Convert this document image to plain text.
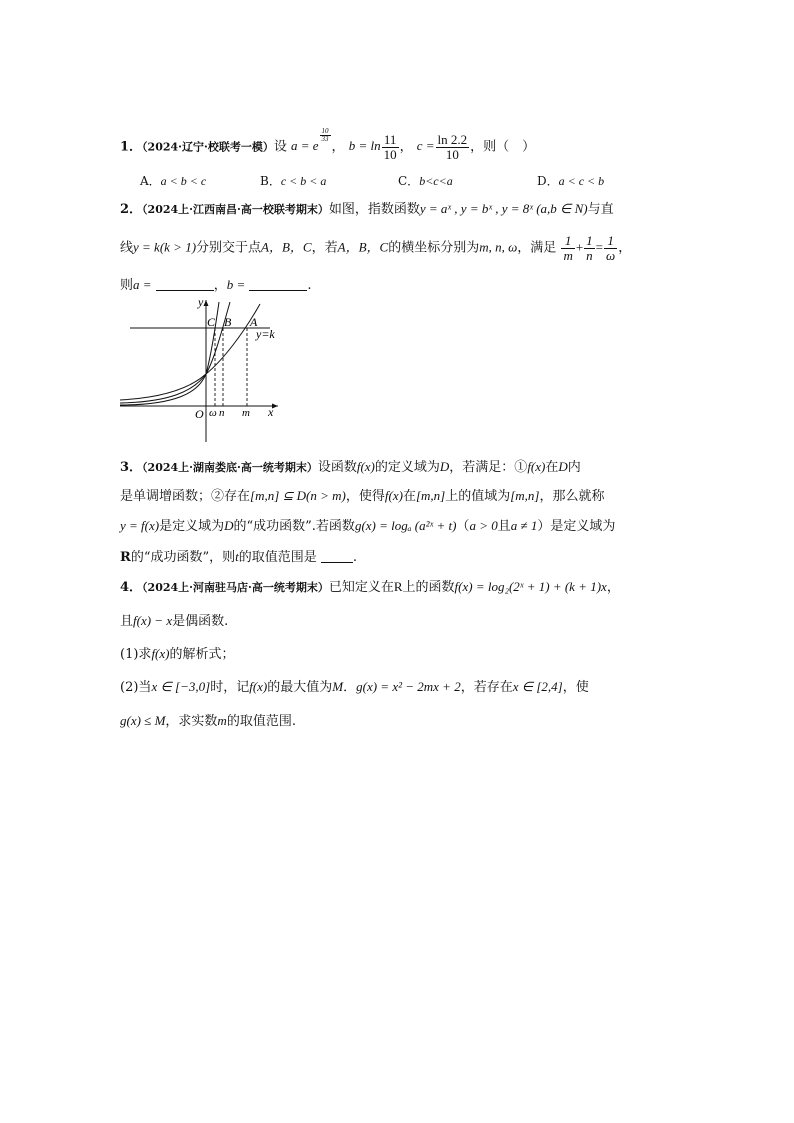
1．（2024·辽宁·校联考一模）设 a = e
$^{\frac{10}{33}}$
， $b = \ln \frac{11}{10}$ ， $c = \frac{\ln 2.2}{10}$ ，则（　）
A．a < b < c	B．c < b < a	C．b<c<a	D．a < c < b
2．（2024上·江西南昌·高一校联考期末）如图，指数函数y = aˣ , y = bˣ , y = 8ˣ (a,b ∈ N)与直
线y = k(k > 1)分别交于点A，B，C，若A，B，C的横坐标分别为m, n, ω，满足 $\frac{1}{m} + \frac{1}{n} = \frac{1}{\omega}$ ，
则a =	，b =	.
y
x
O
C B A
y=k
ω n m
3．（2024上·湖南娄底·高一统考期末）设函数f(x)的定义域为D，若满足：①f(x)在D内
是单调增函数；②存在[m,n] ⊆ D(n > m)，使得f(x)在[m,n]上的值域为[m,n]，那么就称
y = f(x)是定义域为D的“成功函数”.若函数g(x) = logₐ (a²ˣ + t)（a > 0且a ≠ 1）是定义域为
R的“成功函数”，则t的取值范围是	.
4．（2024上·河南驻马店·高一统考期末）已知定义在R上的函数f(x) = log₂(2ˣ + 1) + (k + 1)x，
且f(x) − x是偶函数.
(1)求f(x)的解析式；
(2)当x ∈ [−3,0]时，记f(x)的最大值为M．g(x) = x² − 2mx + 2，若存在x ∈ [2,4]，使
g(x) ≤ M，求实数m的取值范围.
